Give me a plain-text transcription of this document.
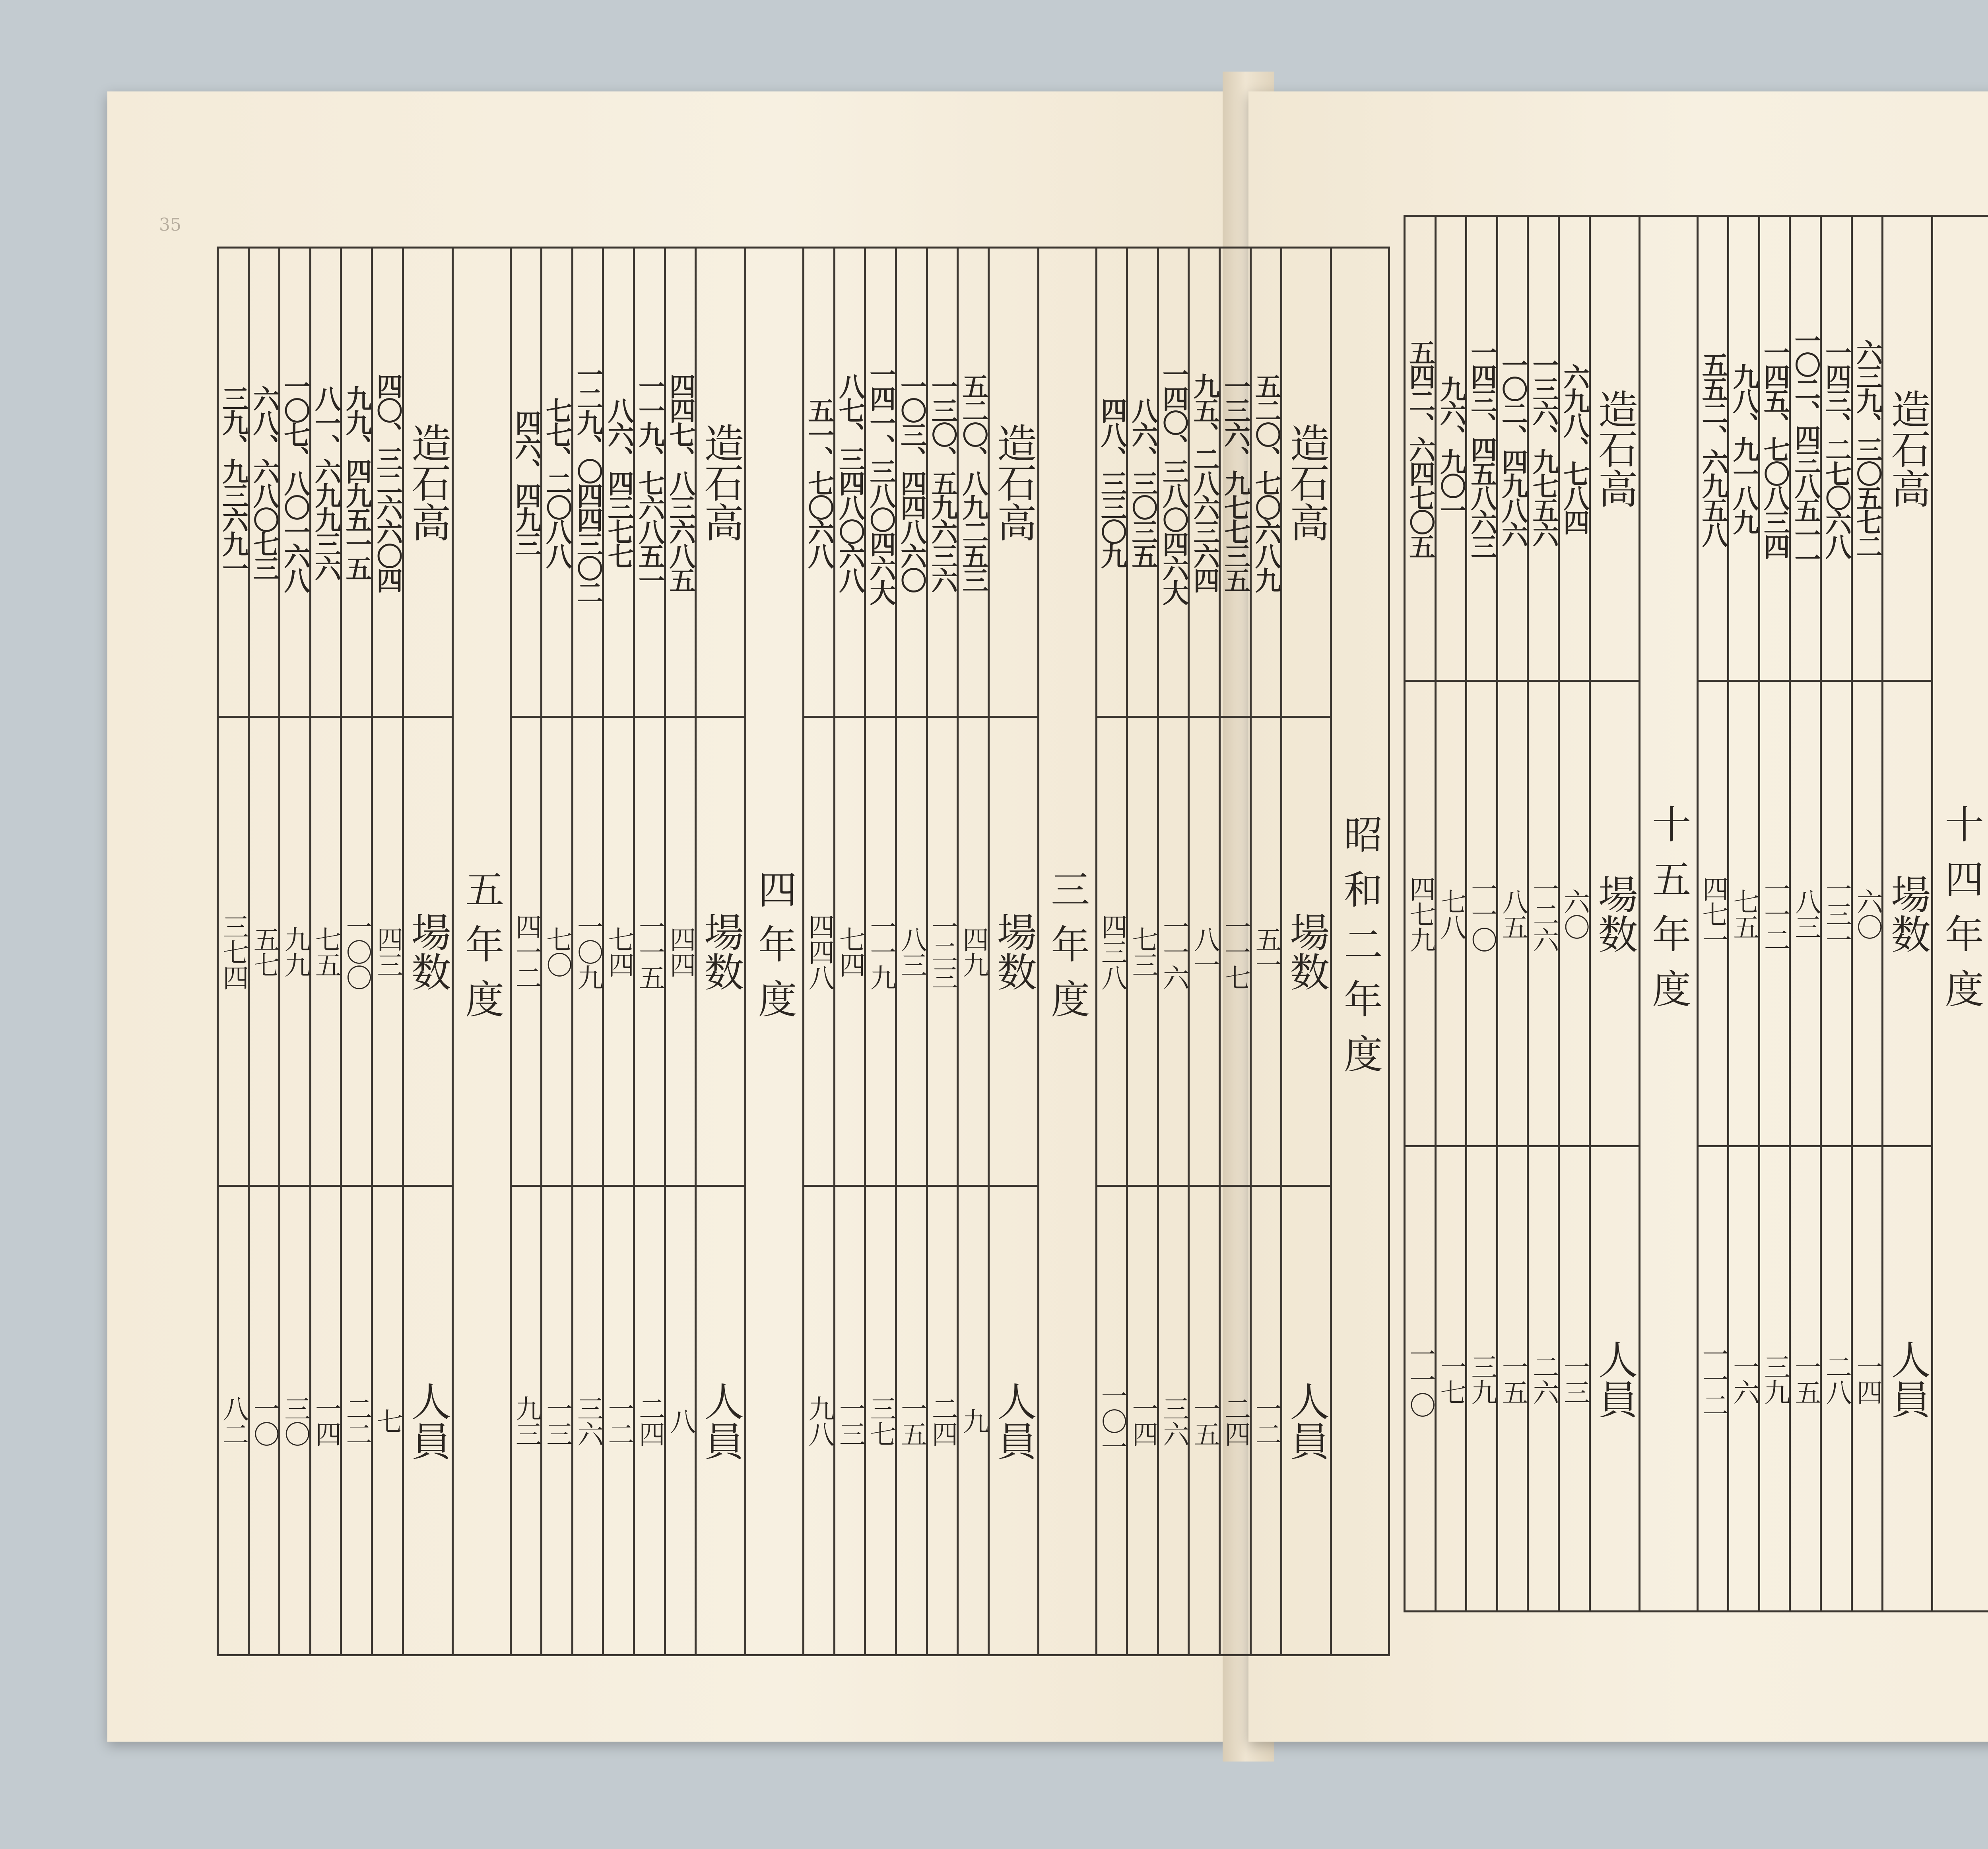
35
昭和二年度
造石高	場数	人員
五二〇、七〇六八九	五一	一二
一三六、九七七三五	一一七	二四
九五、二八六三六四	八一	一五
一四〇、三八〇四六大	一一六	三六
八六、三〇三五	七三	一四
四八、三三〇九	四三八	一〇一
三年度
造石高	場数	人員
五二〇、八九二五三	四九	九
一三〇、五九六三六	一二三	二四
一〇三、四四八六〇	八三	一五
一四一、三八〇四六大	一一九	三七
八七、三四八〇六八	七四	一三
五一、七〇六八	四四八	九八
四年度
造石高	場数	人員
四四七、八三六八五	四四	八
一一九、七六八五一	一一五	二四
八六、四三七七	七四	一二
一二九、〇四四三〇二	一〇九	三六
七七、二〇八八	七〇	一三
四六、四九三	四一二	九三
五年度
造石高	場数	人員
四〇、三二六六〇四	四三	七
九九、四九五一五	一〇〇	二二
八一、六九九三六	七五	一四
一〇七、八〇一六八	九九	三〇
六八、六八〇七三	五七	一〇
三九、九三六九一	三七四	八二

十四年度
造石高	場数	人員
六三九、三〇五七二	六〇	一四
一四三、二七〇六八	一三一	二八
一〇二、四三八五一一	八三	一五
一四五、七〇八三四	一一二	三九
九八、九一八九	七五	一六
五五二、六九五八	四七一	一一二
十五年度
造石高	場数	人員
六九八、七八四	六〇	一三
一三六、九七五六	一二六	二六
一〇二、四九八六	八五	一五
一四三、四五八六三	一一〇	三九
九六、九〇一	七八	一七
五四二、六四七〇五	四七九	一一〇
